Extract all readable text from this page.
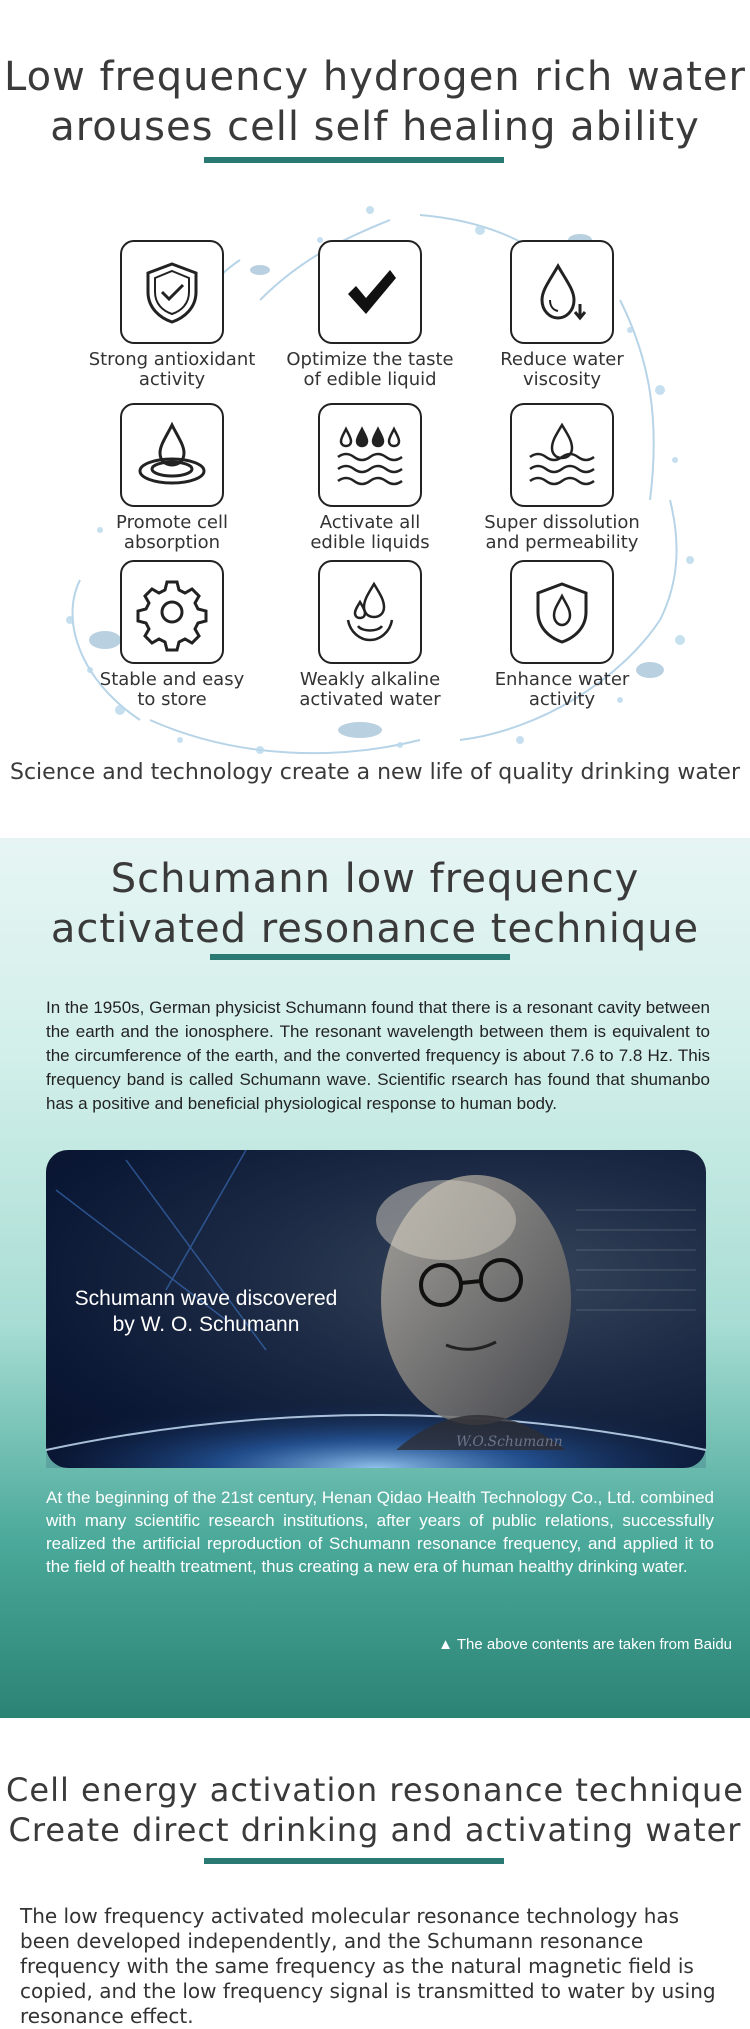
Low frequency hydrogen rich water
arouses cell self healing ability
Strong antioxidant
activity
Optimize the taste
of edible liquid
Reduce water
viscosity
Promote cell
absorption
Activate all
edible liquids
Super dissolution
and permeability
Stable and easy
to store
Weakly alkaline
activated water
Enhance water
activity

Science and technology create a new life of quality drinking water

Schumann low frequency
activated resonance technique

In the 1950s, German physicist Schumann found that there is a resonant cavity between the earth and the ionosphere. The resonant wavelength between them is equivalent to the circumference of the earth, and the converted frequency is about 7.6 to 7.8 Hz. This frequency band is called Schumann wave. Scientific rsearch has found that shumanbo has a positive and beneficial physiological response to human body.

Schumann wave discovered
by W. O. Schumann
W.O.Schumann

At the beginning of the 21st century, Henan Qidao Health Technology Co., Ltd. combined with many scientific research institutions, after years of public relations, successfully realized the artificial reproduction of Schumann resonance frequency, and applied it to the field of health treatment, thus creating a new era of human healthy drinking water.

▲ The above contents are taken from Baidu
Cell energy activation resonance technique
Create direct drinking and activating water

The low frequency activated molecular resonance technology has been developed independently, and the Schumann resonance frequency with the same frequency as the natural magnetic field is copied, and the low frequency signal is transmitted to water by using resonance effect.
